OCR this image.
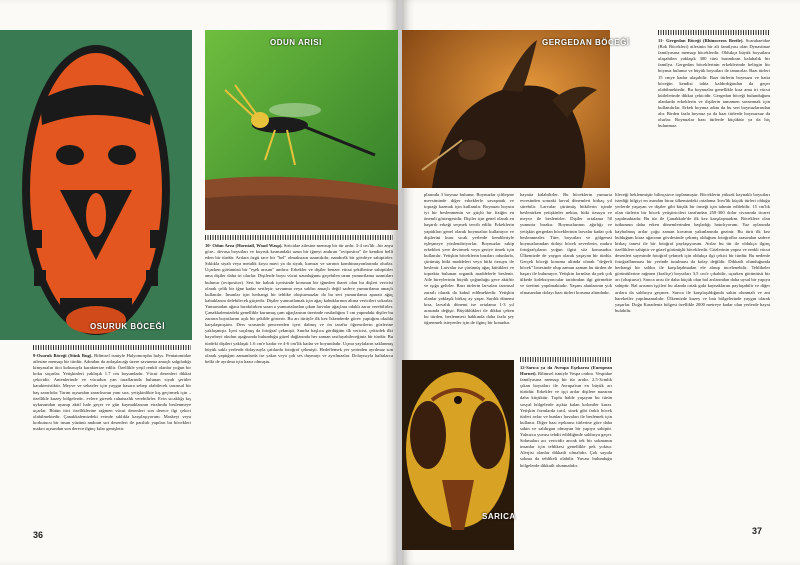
OSURUK BÖCEĞİ
ODUN ARISI

9-Osuruk Böceği (Stink Bug). Bilimsel ismiyle Halyomorpha halys. Pentatomidae ailesine mensup bir türdür. Adından da anlaşılacağı üzere savunma amaçlı salgıladığı kimyasalın itici kokusuyla karakterize edilir. Özellikle yeşil renkli olanlar yoğun bir koku saçarlar. Yetişkinleri yaklaşık 1.7 cm boyundadır. Vücut desenleri dikkat çekicidir. Antenlerinde ve vücudun yan taraflarında bulunan siyah şeritler karakteristiktir. Meyve ve sebzeler için yaygın hasara sebep olabilecek tarımsal bir baş zararlıdır. Tarım açısından zararlısının yanı sıra, yetişkinlikte kış geçirmek için –özellikle kuzey bölgelerde– evlere girerek rahatsızlık verebilirler. Evin sıcaklığı kış uykusundan uyanıp aktif hale geçer ve gün kaymaklarının etrafında beslenmeye uçarlar. Bütün itici özelliklerine rağmen vücut desenleri son derece ilgi çekici olabilmektedir. Çanakkalemizdeki evinde sıklıkla karşılaşıyorum. Maskeyi veya korkutucu bir insan yüzünü andıran sırt desenleri ile parıltılı yapıları bu böcekleri makro açısından son derece ilginç kılar genişletir.

10- Odun Arısı (Horntail, Wood Wasp). Siricidae ailesine mensup bir tür ardır. 3-4 cm'lik –bir anya göre– devasa boyutları ve kuyruk kısmındaki uzun bir iğneyi andıran "ovipositor" ile kendini belli eden bir türdür. Arılara özgü tace bir "bel" olmaksızın uzantılıdır, nandırılk bir gövdeye sahiptirler. Sıklıkla siyah veya metalik koyu mavi ya da siyah, kırmızı ve sarının kombinasyonlarında olurlar. Uçarken görüntüsü bir "eşek arısını" andırır. Erkekler ve dişiler benzer vücut şekillerine sahiptirler ama dişiler daha iri olurlar. Dişilerde boyu vücut uzunluğunu geçebilen uzun yumurtlama uzantıları bulunur (ovipositor). Sert bir kabuk içerisinde korunan bir iğneden ibaret olan bu dişleri vericisi olarak çelik bir iğne kadar sertleşir; savunma veya saldırı amaçlı değil sadece yumurtlama amaçlı kullanılır. İnsanlar için herhangi bir tehlike oluşturmazlar da bu sert yumurtlama aparatı ağaç kabuklarını delebilecek güçtedir. Dişiler yumurtlamak için ağaç kabuklarının altına vericileri sokarlar. Yumurtadan ağaca bırakılırken sızan a yumurtalardan çıkan larvalar ağaçlara odaklı zarar verebilirler. Çanakkalemizdeki genellikle kurumuş çam ağaçlarının üzerinde rastladığım 1 cm yapındaki dişiler bu zararın boyutlarını açık bir şekilde gösterir. Bu arı türüyle ilk kez İskenderde görev yaptığım okulda karşılaşmıştım. Ders sırasında pencereden içeri dalmış ve ön tarafta öğrencilerin gözlerine yaklaşmıştı. İçeri saçılmış da fotoğraf çekmişti. Sınıfta başlıca gördüğüm ilk vericisi, çekirdek ilki hayırbeyi okulun aşağısında bulunduğu güzel dağlarında her zaman rastlayabileceğiniz bir türdür. Bu türdeki dişileri yaklaşık 1.6 cm'e kadar ve 4-6 cm'lik kadar ve boyundadır. Uçma yaylaların saklanmış büyük saklı yerlerde dolayısıyla çatılarda fotoğraf çekmişti. Hedeflemek yer yerinden ayrılmaz son olarak yaptığım zamanlarda ise yakın veya çok ses duymayı ve ayrılmazlar. Dolayısıyla haftalarca belki de ayrılma için hazır olmuştu.

36
GERGEDAN BÖCEĞİ	11- Gergedan Böceği (Rhinoceros Beetle). Scarabaeidae (Bok Böcekleri) ailesinin bir alt familyası olan Dynastinae familyasına mensup böceklerdir. Oldukça büyük boyutlara ulaşabilen yaklaşık 300 türü barındıran kalabalık bir familya. Gergedan böceklerinin erkeklerinde belirgin bir boynuz bulunur ve büyük boyutları ile tanınırlar. Bazı türleri 15 cmye kadar ulaşabilir. Bazı türlerin boynuzu ve hatta böceğin kendisi tahta kaldırdığından da geçer olabilmektedir. Bu boynuzlar genellikle kısa ama iri vücut kütlelerinde dikkat çekicidir. Gergedan böceği bulunduğum alanlarda erkeklerin ve dişilerin tamamen savunmak için kullanılırlar. Erkek boynuz adını da bu sert boynuzlarından alır. Birden fazla boynuz ya da bazı türlerde boynuzsuz da olurlar. Boynuzlar bazı türlerde küçüktür ya da hiç bulunmaz.

plarında 3 boynuz bulunur. Boynuzlar çiftleşme mevsiminde diğer erkeklerle savaşmak ve toprağı kazmak için kullanılır. Boynuzu boyutu iyi bir beslenmenin ve güçlü bir fiziğin en önemli göstergesidir. Dişiler için genel olarak en başarılı erkeği seçmek tercih edilir. Erkeklerin yaptıkları genel olarak boynuzları kullanıyor ve dişilerini kuru sıcak yerlerde kendileriyle eşleşmeye yönlendiriyorlar. Boynuzlar rakip erkekleri yere devirmek veya geriye itmek için kullanılır. Yetişkin böceklerin bazıları odunlarla, çürümüş bitki maddeleri veya bitki özsuyu ile beslenir. Larvalar ise çürümüş ağaç kütükleri ve toprakta bulunan organik maddelerle beslenir. Aile bireylerinin büyük çoğunluğu gece aktiftir ve ışığa gelirler. Bazı türlerin larvaları tarımsal zararlı olarak da kabul edilmektedir. Yetişkin olanlar yaklaşık birkaç ay yaşar. Sarılık dönemi kısa, larvalık dönemi ise ortalama 1-3 yıl arasında değişir. Büyüklükleri ile dikkat çeken bu türden, beslenmesi hakkında daha fazla şey öğrenmek isteyenler için de ilginç bir konudur.

hayatta kalabilirler. Bu böceklerin yumurta evresinden sonraki larval dönemleri birkaç yıl sürebilir. Larvalar çürümüş bitkilerin içinde beslenirken yetişkinler nektar, bitki özsuyu ve meyve ile beslenirler. Dişiler ortalama 50 yumurta bırakır. Boynuzlarının ağırlığı ve yetişkin gergedan böceklerinin larvalar kadar çok beslenmezler. Türe, boyutları ve gölgemsi boynuzlarından dolayı böcek severlerin, makro fotoğrafçıların yoğun ilgisi söz konusudur. Ülkemizde de yaygın olarak yaşayan bir türdür. Gerçek böceği koruma altında olarak "değerli böcek" listesinde olup zaman zaman bu türden de başarı ile bulunuyor. Yetişkin formları da pek çok ülkede koleksiyoncular tarafından ilgi görmekte ve üretimi yapılmaktadır. Yaşam alanlarının yok olmasından dolayı bazı türleri koruma altındadır.

SARICA

12-Sarıca ya da Avrupa Eşekarısı (European Hornet). Bilimsel ismiyle Vespa crabro. Vespidae familyasına mensup bir tür arıdır. 2.5-3cmlik çıkan boyutları ile Avrupa'nın en büyük arı türüdür. Erkekler ve işçi arılar dişilere nazaran daha küçüktür. Toplu halde yaşayan bu türün sosyal bölgelerde açıkta kalan koloniler kurar. Yetişkin formlarda tırtıl, sinek gibi farklı böcek türleri avlar ve bunları larvaları ile beslemek için kullanır. Diğer bazı eşekarısı türlerine göre daha sakin ve saldırgan olmayan bir yapıya sahiptir. Yalnızca yuvası tehdit edildiğinde saldırıya geçer. Sokmaları acı vericidir ancak tek bir sokmanın insanlar için tehlikesi genellikle pek yoktur. Alerjisi olanlar dikkatli olmalıdır. Çok sayıda sokma da tehlikeli olabilir. Yuvası bulunduğu bölgelerde dikkatli olunmalıdır.

lileceği beklenmiştir bilinçsizce toplanmıştır. Böceklerin yüksek kaynaklı boyutları istediği bilgiyi en asından biraz ülkemizdeki ortalama 3cm'lik küçük türleri olduğu yerlerde yaşayan ve dişiler gibi küçük bir örneği için tahmin edilebilir. 15 cm'lik olan türlerin bir böcek yetiştiricileri tarafından 250-300 dolar civarında ticaret yapılmaktadır. Bu tür ile Çanakkale'de ilk kez karşılaşmadım. Böceklere olan tutkumun daha erken dönemlerinden başladığı hatırlıyorum. Yaz aylarında kaybolmuş arılar çoğu zaman kovanın yakınlarında gezinir. Bu türü ilk kez bulduğum kiraz ağacının gövdesinde çekmiş olduğum fotoğraflar arasından sadece birkaç tanesi ile bir fotoğraf paylaşıyorum. Arılar bu tür ile oldukça ilginç özelliklere sahiptir ve güzel görünüşlü böceklerdir. Gözlerinin yapısı ve renkli vücut desenleri sayesinde fotoğraf çekmek için oldukça ilgi çekici bir türdür. Bu nedenle fotoğraflanması bir yerinde tutulması da kolay değildir. Dikkatli olunduğunda herhangi bir saldırı ile karşılaşılmadan ele alınıp incelenebilir. Tehlikeler görüntülerine rağmen (kraliçe) boyutları 3,5 cm'e çıkabilir, uçarken görüntüsü bir arı (oluşturur). Sarıca arısı ile daha küçük olan bal arılarından daha uysal bir yapıya sahiptir. Bal arısının işçileri bu alanda ortak gıda kaynaklarını paylaşabilir ve diğer arılara da saldırıya geçmez. Sarıca ile karşılaşıldığında sakin olunmalı ve ani hareketler yapılmamalıdır. Ülkemizde kuzey ve batı bölgelerinde yaygın olarak yaşarlar. Doğu Karadeniz bölgesi özellikle 2000 metreye kadar olan yerlerde hayat bulabilir.

37
